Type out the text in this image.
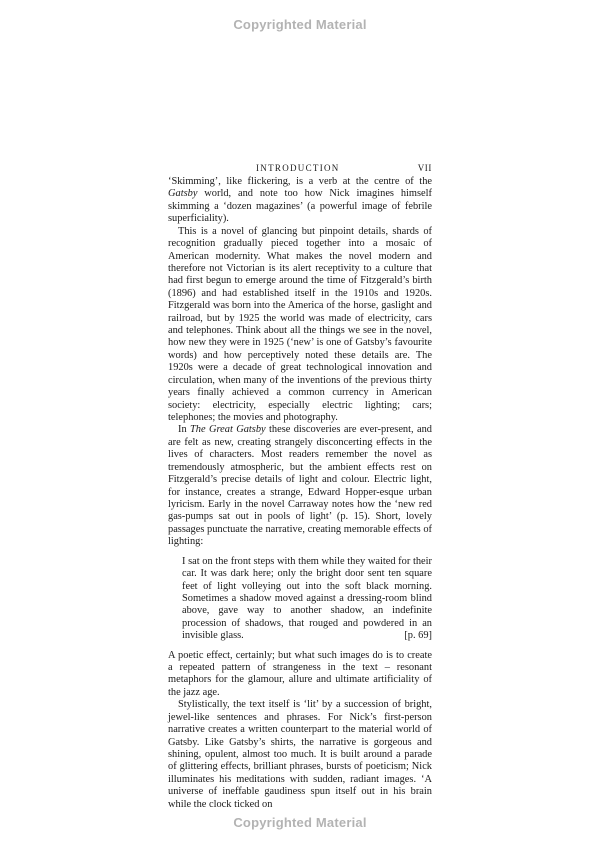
Copyrighted Material
INTRODUCTION	VII

‘Skimming’, like flickering, is a verb at the centre of the Gatsby world, and note too how Nick imagines himself skimming a ‘dozen magazines’ (a powerful image of febrile superficiality).

This is a novel of glancing but pinpoint details, shards of recognition gradually pieced together into a mosaic of American modernity. What makes the novel modern and therefore not Victorian is its alert receptivity to a culture that had first begun to emerge around the time of Fitzgerald’s birth (1896) and had established itself in the 1910s and 1920s. Fitzgerald was born into the America of the horse, gaslight and railroad, but by 1925 the world was made of electricity, cars and telephones. Think about all the things we see in the novel, how new they were in 1925 (‘new’ is one of Gatsby’s favourite words) and how perceptively noted these details are. The 1920s were a decade of great technological innovation and circulation, when many of the inventions of the previous thirty years finally achieved a common currency in American society: electricity, especially electric lighting; cars; telephones; the movies and photography.

In The Great Gatsby these discoveries are ever-present, and are felt as new, creating strangely disconcerting effects in the lives of characters. Most readers remember the novel as tremendously atmospheric, but the ambient effects rest on Fitzgerald’s precise details of light and colour. Electric light, for instance, creates a strange, Edward Hopper-esque urban lyricism. Early in the novel Carraway notes how the ‘new red gas-pumps sat out in pools of light’ (p. 15). Short, lovely passages punctuate the narrative, creating memorable effects of lighting:

I sat on the front steps with them while they waited for their car. It was dark here; only the bright door sent ten square feet of light volleying out into the soft black morning. Sometimes a shadow moved against a dressing-room blind above, gave way to another shadow, an indefinite procession of shadows, that rouged and powdered in an invisible glass.	[p. 69]

A poetic effect, certainly; but what such images do is to create a repeated pattern of strangeness in the text – resonant metaphors for the glamour, allure and ultimate artificiality of the jazz age.

Stylistically, the text itself is ‘lit’ by a succession of bright, jewel-like sentences and phrases. For Nick’s first-person narrative creates a written counterpart to the material world of Gatsby. Like Gatsby’s shirts, the narrative is gorgeous and shining, opulent, almost too much. It is built around a parade of glittering effects, brilliant phrases, bursts of poeticism; Nick illuminates his meditations with sudden, radiant images. ‘A universe of ineffable gaudiness spun itself out in his brain while the clock ticked on

Copyrighted Material
